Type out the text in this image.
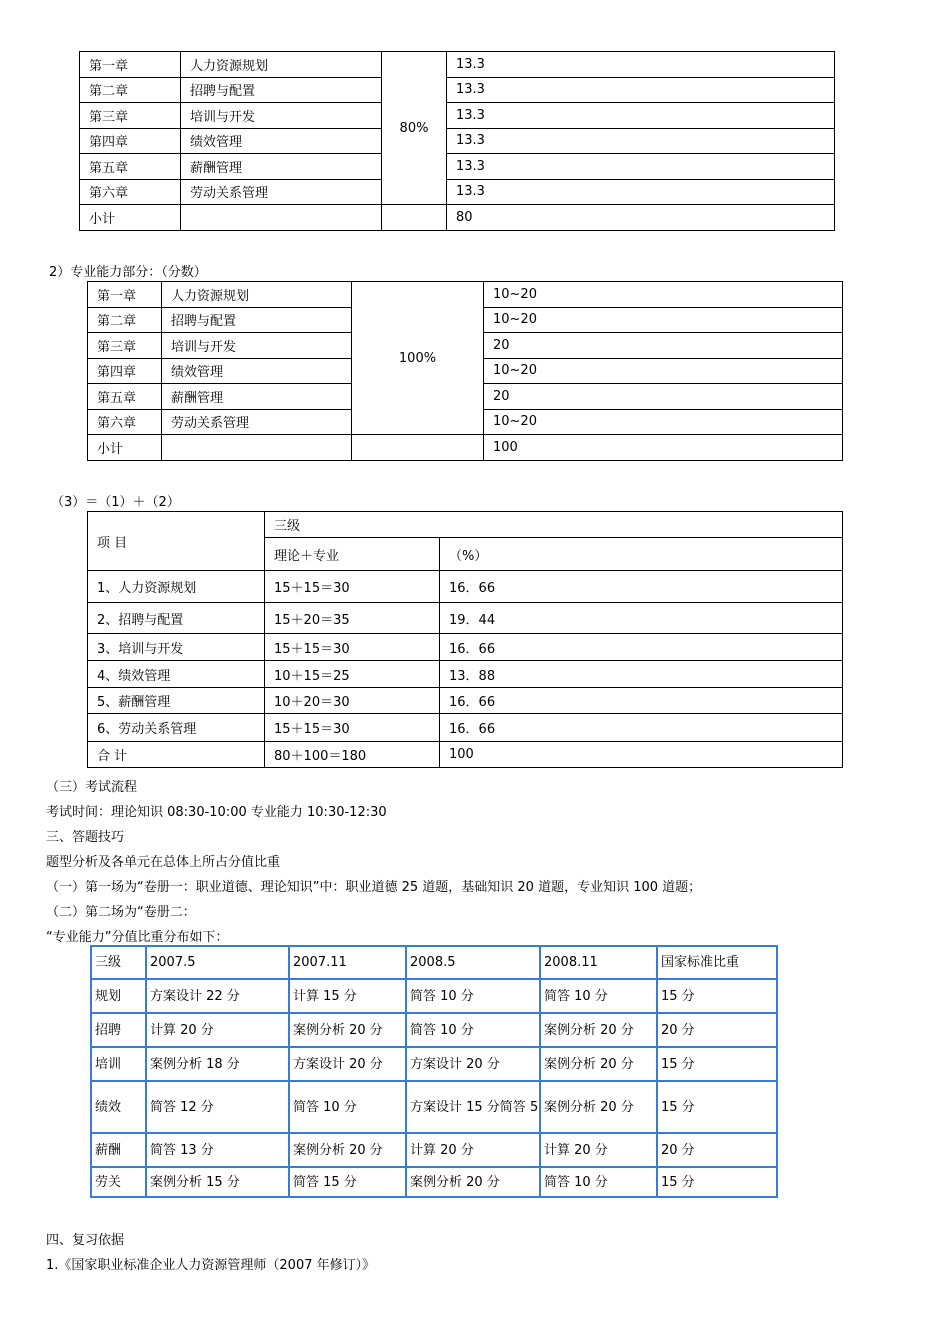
第一章	人力资源规划	80%	13.3
第二章	招聘与配置		13.3
第三章	培训与开发		13.3
第四章	绩效管理		13.3
第五章	薪酬管理		13.3
第六章	劳动关系管理		13.3
小计			80
2）专业能力部分：（分数）
第一章	人力资源规划	100%	10~20
第二章	招聘与配置		10~20
第三章	培训与开发		20
第四章	绩效管理		10~20
第五章	薪酬管理		20
第六章	劳动关系管理		10~20
小计			100
（3）＝（1）＋（2）
项 目	三级	
	理论＋专业	（%）
1、人力资源规划	15＋15＝30	16．66
2、招聘与配置	15＋20＝35	19．44
3、培训与开发	15＋15＝30	16．66
4、绩效管理	10＋15＝25	13．88
5、薪酬管理	10＋20＝30	16．66
6、劳动关系管理	15＋15＝30	16．66
合 计	80＋100＝180	100
（三）考试流程
考试时间：理论知识 08:30-10:00 专业能力 10:30-12:30
三、答题技巧
题型分析及各单元在总体上所占分值比重
（一）第一场为“卷册一：职业道德、理论知识”中：职业道德 25 道题，基础知识 20 道题，专业知识 100 道题；
（二）第二场为“卷册二：
“专业能力”分值比重分布如下：
三级	2007.5	2007.11	2008.5	2008.11	国家标准比重
规划	方案设计 22 分	计算 15 分	简答 10 分	简答 10 分	15 分
招聘	计算 20 分	案例分析 20 分	简答 10 分	案例分析 20 分	20 分
培训	案例分析 18 分	方案设计 20 分	方案设计 20 分	案例分析 20 分	15 分
绩效	简答 12 分	简答 10 分	方案设计 15 分简答 5	案例分析 20 分	15 分
薪酬	简答 13 分	案例分析 20 分	计算 20 分	计算 20 分	20 分
劳关	案例分析 15 分	简答 15 分	案例分析 20 分	简答 10 分	15 分
四、复习依据
1.《国家职业标准企业人力资源管理师（2007 年修订）》
